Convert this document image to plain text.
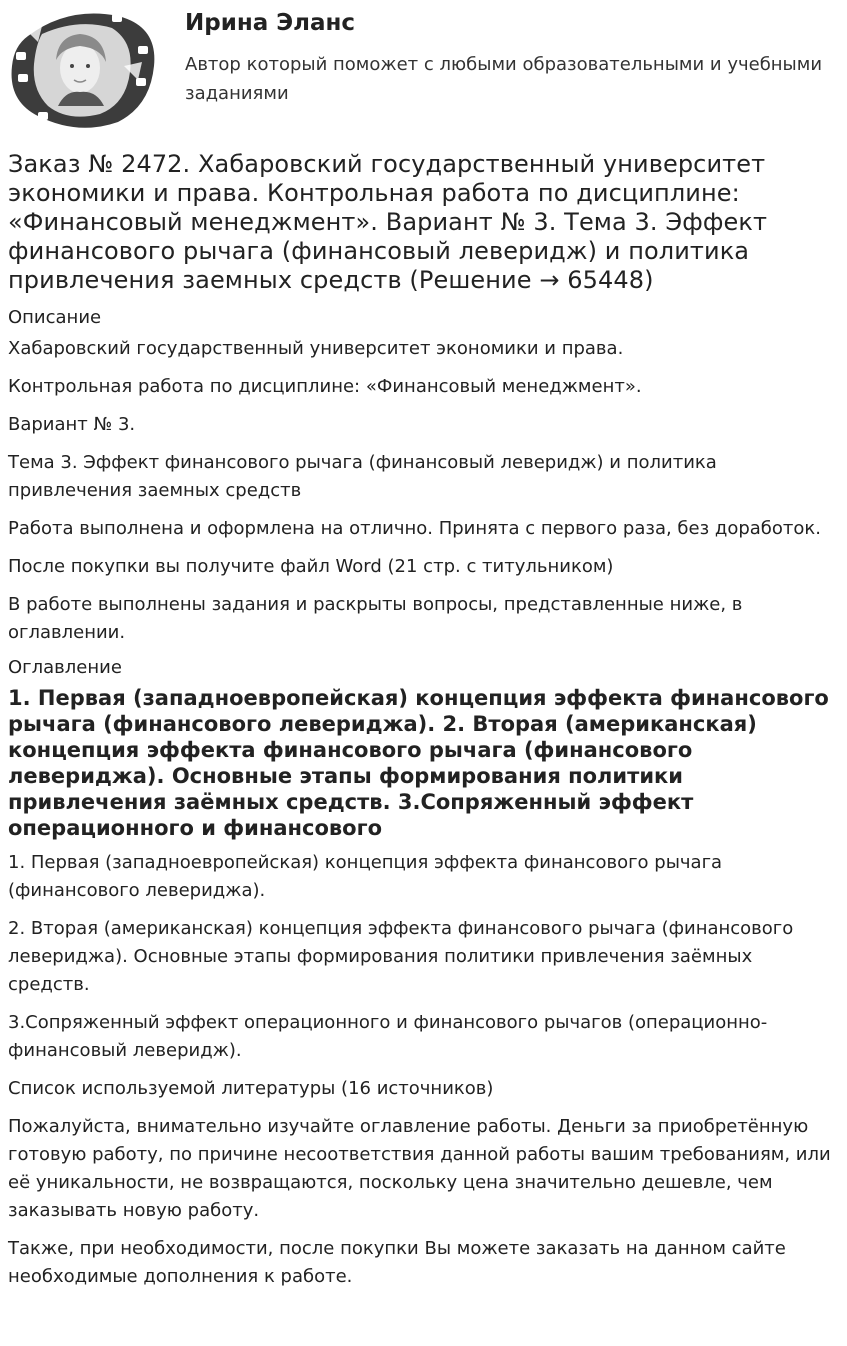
Ирина Эланс

Автор который поможет с любыми образовательными и учебными заданиями

Заказ № 2472. Хабаровский государственный университет экономики и права. Контрольная работа по дисциплине: «Финансовый менеджмент». Вариант № 3. Тема 3. Эффект финансового рычага (финансовый леверидж) и политика привлечения заемных средств (Решение → 65448)
Описание

Хабаровский государственный университет экономики и права.

Контрольная работа по дисциплине: «Финансовый менеджмент».

Вариант № 3.

Тема 3. Эффект финансового рычага (финансовый леверидж) и политика привлечения заемных средств

Работа выполнена и оформлена на отлично. Принята с первого раза, без доработок.

После покупки вы получите файл Word (21 стр. с титульником)

В работе выполнены задания и раскрыты вопросы, представленные ниже, в оглавлении.

Оглавление

1. Первая (западноевропейская) концепция эффекта финансового рычага (финансового левериджа). 2. Вторая (американская) концепция эффекта финансового рычага (финансового левериджа). Основные этапы формирования политики привлечения заёмных средств. 3.Сопряженный эффект операционного и финансового

1. Первая (западноевропейская) концепция эффекта финансового рычага (финансового левериджа).

2. Вторая (американская) концепция эффекта финансового рычага (финансового левериджа). Основные этапы формирования политики привлечения заёмных средств.

3.Сопряженный эффект операционного и финансового рычагов (операционно-финансовый леверидж).

Список используемой литературы (16 источников)

Пожалуйста, внимательно изучайте оглавление работы. Деньги за приобретённую готовую работу, по причине несоответствия данной работы вашим требованиям, или её уникальности, не возвращаются, поскольку цена значительно дешевле, чем заказывать новую работу.

Также, при необходимости, после покупки Вы можете заказать на данном сайте необходимые дополнения к работе.
